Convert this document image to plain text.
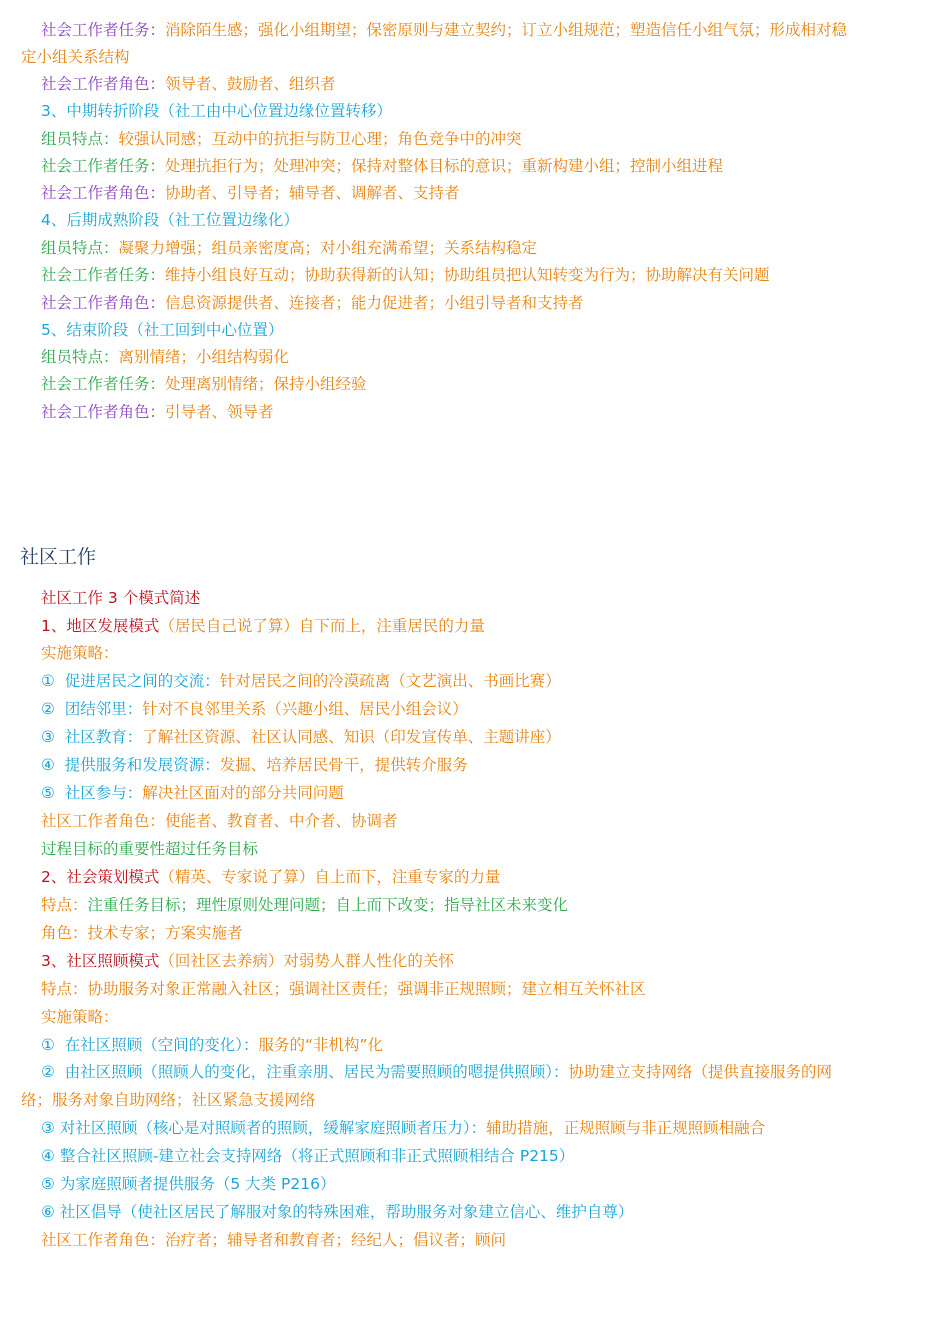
社会工作者任务：消除陌生感；强化小组期望；保密原则与建立契约；订立小组规范；塑造信任小组气氛；形成相对稳
定小组关系结构
社会工作者角色：领导者、鼓励者、组织者
3、中期转折阶段（社工由中心位置边缘位置转移）
组员特点：较强认同感；互动中的抗拒与防卫心理；角色竞争中的冲突
社会工作者任务：处理抗拒行为；处理冲突；保持对整体目标的意识；重新构建小组；控制小组进程
社会工作者角色：协助者、引导者；辅导者、调解者、支持者
4、后期成熟阶段（社工位置边缘化）
组员特点：凝聚力增强；组员亲密度高；对小组充满希望；关系结构稳定
社会工作者任务：维持小组良好互动；协助获得新的认知；协助组员把认知转变为行为；协助解决有关问题
社会工作者角色：信息资源提供者、连接者；能力促进者；小组引导者和支持者
5、结束阶段（社工回到中心位置）
组员特点：离别情绪；小组结构弱化
社会工作者任务：处理离别情绪；保持小组经验
社会工作者角色：引导者、领导者
社区工作
社区工作 3 个模式简述
1、地区发展模式（居民自己说了算）自下而上，注重居民的力量
实施策略：
① 促进居民之间的交流：针对居民之间的冷漠疏离（文艺演出、书画比赛）
② 团结邻里：针对不良邻里关系（兴趣小组、居民小组会议）
③ 社区教育：了解社区资源、社区认同感、知识（印发宣传单、主题讲座）
④ 提供服务和发展资源：发掘、培养居民骨干，提供转介服务
⑤ 社区参与：解决社区面对的部分共同问题
社区工作者角色：使能者、教育者、中介者、协调者
过程目标的重要性超过任务目标
2、社会策划模式（精英、专家说了算）自上而下，注重专家的力量
特点：注重任务目标；理性原则处理问题；自上而下改变；指导社区未来变化
角色：技术专家；方案实施者
3、社区照顾模式（回社区去养病）对弱势人群人性化的关怀
特点：协助服务对象正常融入社区；强调社区责任；强调非正规照顾；建立相互关怀社区
实施策略：
① 在社区照顾（空间的变化）：服务的“非机构”化
② 由社区照顾（照顾人的变化，注重亲朋、居民为需要照顾的嗯提供照顾）：协助建立支持网络（提供直接服务的网
络；服务对象自助网络；社区紧急支援网络
③ 对社区照顾（核心是对照顾者的照顾，缓解家庭照顾者压力）：辅助措施，正规照顾与非正规照顾相融合
④ 整合社区照顾-建立社会支持网络（将正式照顾和非正式照顾相结合 P215）
⑤ 为家庭照顾者提供服务（5 大类 P216）
⑥ 社区倡导（使社区居民了解服对象的特殊困难，帮助服务对象建立信心、维护自尊）
社区工作者角色：治疗者；辅导者和教育者；经纪人；倡议者；顾问
